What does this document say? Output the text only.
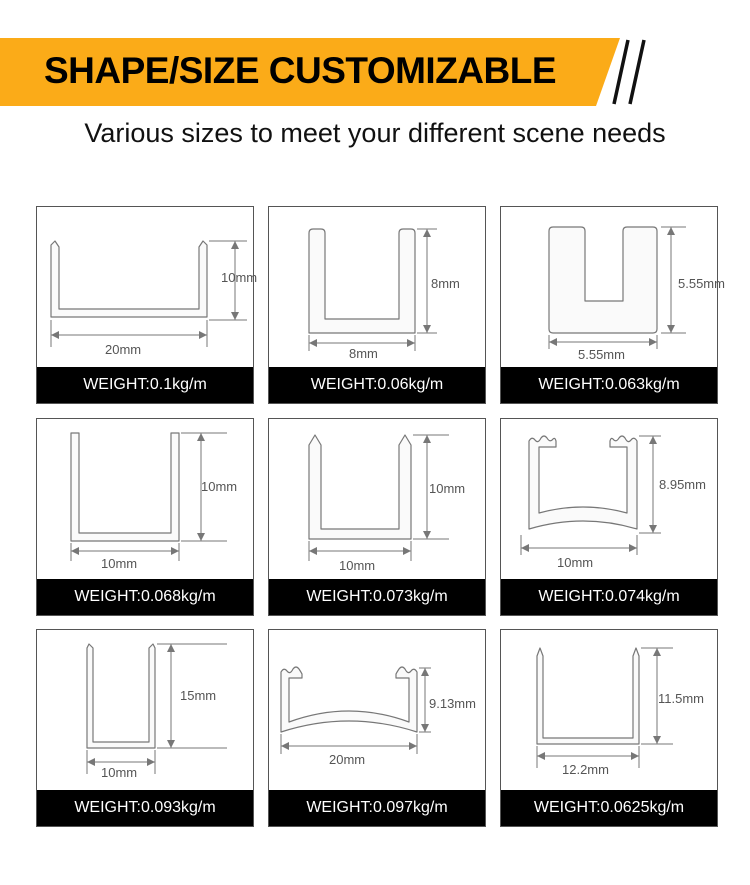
SHAPE/SIZE CUSTOMIZABLE
Various sizes to meet your different scene needs
10mm
20mm
WEIGHT:0.1kg/m
8mm
8mm
WEIGHT:0.06kg/m
5.55mm
5.55mm
WEIGHT:0.063kg/m
10mm
10mm
WEIGHT:0.068kg/m
10mm
10mm
WEIGHT:0.073kg/m
8.95mm
10mm
WEIGHT:0.074kg/m
15mm
10mm
WEIGHT:0.093kg/m
9.13mm
20mm
WEIGHT:0.097kg/m
11.5mm
12.2mm
WEIGHT:0.0625kg/m
